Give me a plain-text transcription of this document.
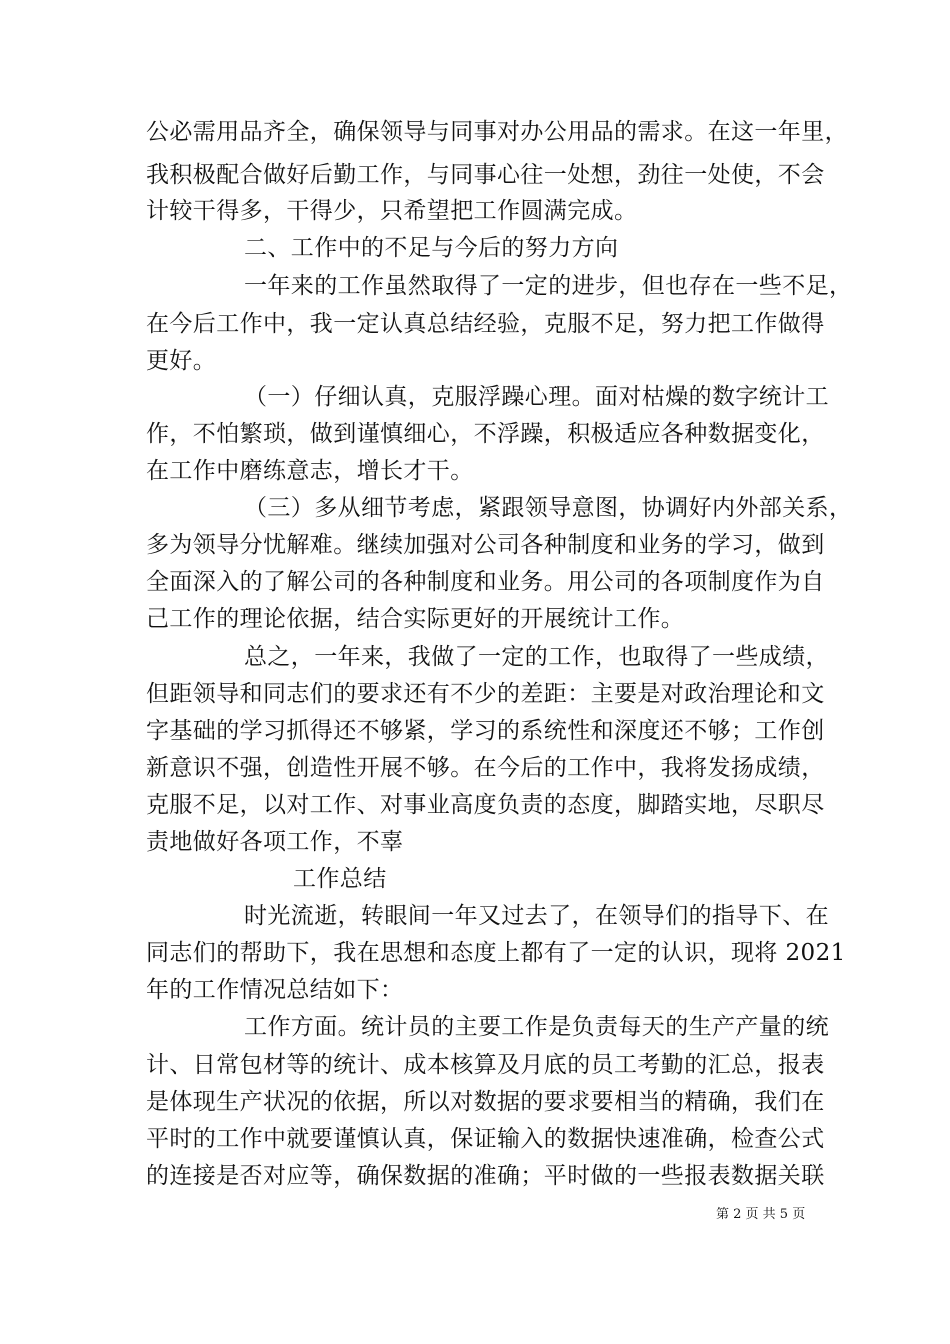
公必需用品齐全，确保领导与同事对办公用品的需求。在这一年里，
我积极配合做好后勤工作，与同事心往一处想，劲往一处使，不会
计较干得多，干得少，只希望把工作圆满完成。
二、工作中的不足与今后的努力方向
一年来的工作虽然取得了一定的进步，但也存在一些不足，
在今后工作中，我一定认真总结经验，克服不足，努力把工作做得
更好。
（一）仔细认真，克服浮躁心理。面对枯燥的数字统计工
作，不怕繁琐，做到谨慎细心，不浮躁，积极适应各种数据变化，
在工作中磨练意志，增长才干。
（三）多从细节考虑，紧跟领导意图，协调好内外部关系，
多为领导分忧解难。继续加强对公司各种制度和业务的学习，做到
全面深入的了解公司的各种制度和业务。用公司的各项制度作为自
己工作的理论依据，结合实际更好的开展统计工作。
总之，一年来，我做了一定的工作，也取得了一些成绩，
但距领导和同志们的要求还有不少的差距：主要是对政治理论和文
字基础的学习抓得还不够紧，学习的系统性和深度还不够；工作创
新意识不强，创造性开展不够。在今后的工作中，我将发扬成绩，
克服不足，以对工作、对事业高度负责的态度，脚踏实地，尽职尽
责地做好各项工作，不辜
工作总结
时光流逝，转眼间一年又过去了，在领导们的指导下、在
同志们的帮助下，我在思想和态度上都有了一定的认识，现将 2021
年的工作情况总结如下：
工作方面。统计员的主要工作是负责每天的生产产量的统
计、日常包材等的统计、成本核算及月底的员工考勤的汇总，报表
是体现生产状况的依据，所以对数据的要求要相当的精确，我们在
平时的工作中就要谨慎认真，保证输入的数据快速准确，检查公式
的连接是否对应等，确保数据的准确；平时做的一些报表数据关联
第 2 页 共 5 页
